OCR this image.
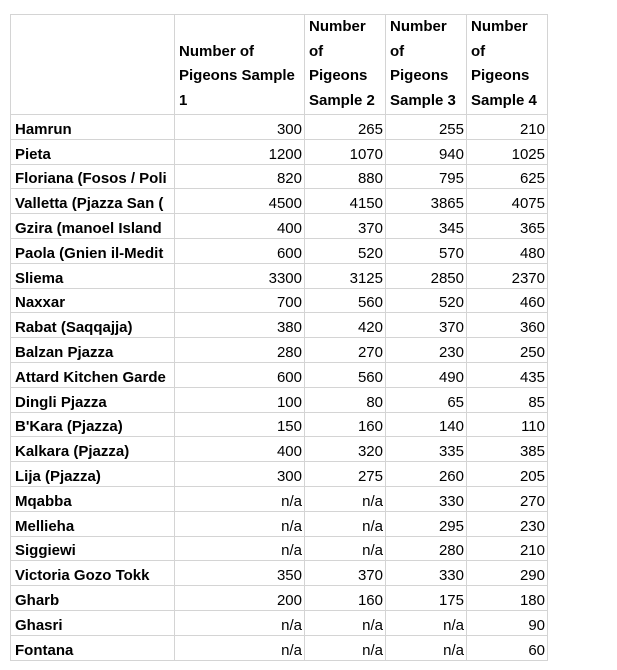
	Number of Pigeons Sample 1	Number of Pigeons Sample 2	Number of Pigeons Sample 3	Number of Pigeons Sample 4
Hamrun	300	265	255	210
Pieta	1200	1070	940	1025
Floriana (Fosos / Poli	820	880	795	625
Valletta (Pjazza San (	4500	4150	3865	4075
Gzira (manoel Island	400	370	345	365
Paola (Gnien il-Medit	600	520	570	480
Sliema	3300	3125	2850	2370
Naxxar	700	560	520	460
Rabat (Saqqajja)	380	420	370	360
Balzan Pjazza	280	270	230	250
Attard Kitchen Garde	600	560	490	435
Dingli Pjazza	100	80	65	85
B'Kara (Pjazza)	150	160	140	110
Kalkara (Pjazza)	400	320	335	385
Lija (Pjazza)	300	275	260	205
Mqabba	n/a	n/a	330	270
Mellieha	n/a	n/a	295	230
Siggiewi	n/a	n/a	280	210
Victoria Gozo Tokk	350	370	330	290
Gharb	200	160	175	180
Ghasri	n/a	n/a	n/a	90
Fontana	n/a	n/a	n/a	60
